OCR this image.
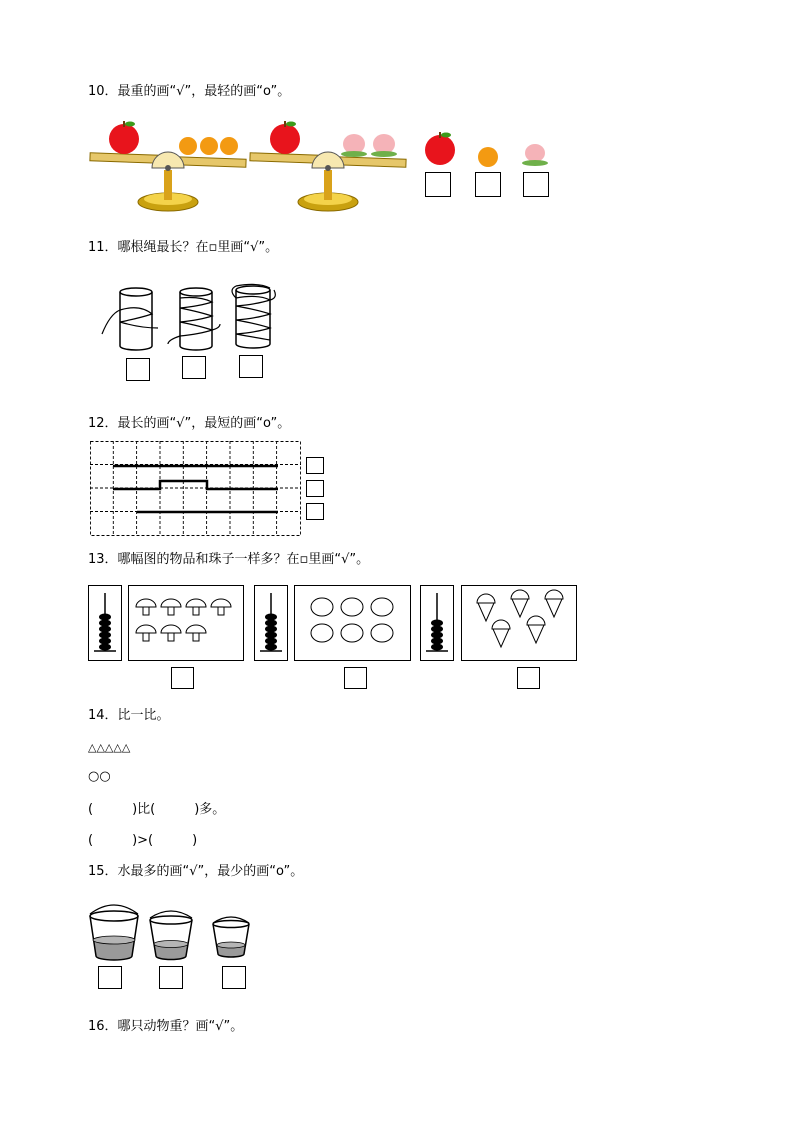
10．最重的画“√”，最轻的画“o”。
11．哪根绳最长？在▫里画“√”。
12．最长的画“√”，最短的画“o”。
13．哪幅图的物品和珠子一样多？在▫里画“√”。
14．比一比。
△△△△△
○○
(　　　)比(　　　)多。
(　　　)>(　　　)
15．水最多的画“√”，最少的画“o”。
16．哪只动物重？画“√”。
